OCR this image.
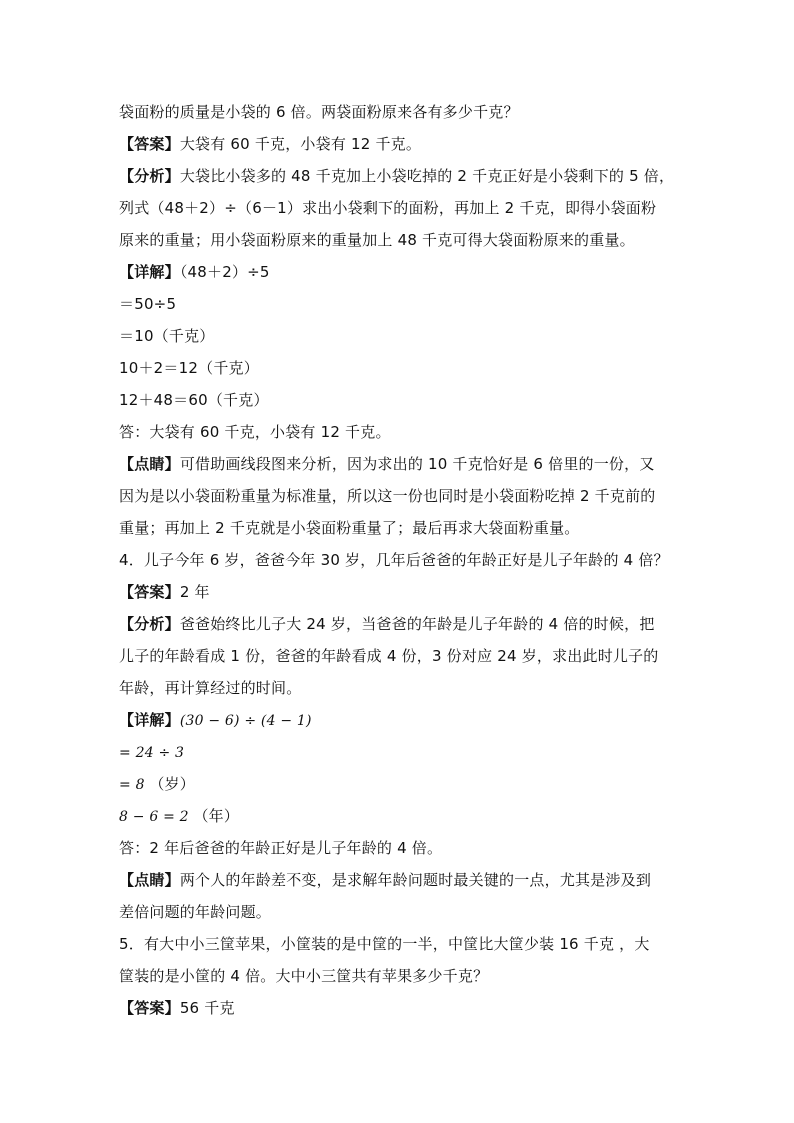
袋面粉的质量是小袋的 6 倍。两袋面粉原来各有多少千克？
【答案】大袋有 60 千克，小袋有 12 千克。
【分析】大袋比小袋多的 48 千克加上小袋吃掉的 2 千克正好是小袋剩下的 5 倍，
列式（48＋2）÷（6－1）求出小袋剩下的面粉，再加上 2 千克，即得小袋面粉
原来的重量；用小袋面粉原来的重量加上 48 千克可得大袋面粉原来的重量。
【详解】（48＋2）÷5
＝50÷5
＝10（千克）
10＋2＝12（千克）
12＋48＝60（千克）
答：大袋有 60 千克，小袋有 12 千克。
【点睛】可借助画线段图来分析，因为求出的 10 千克恰好是 6 倍里的一份，又
因为是以小袋面粉重量为标准量，所以这一份也同时是小袋面粉吃掉 2 千克前的
重量；再加上 2 千克就是小袋面粉重量了；最后再求大袋面粉重量。
4．儿子今年 6 岁，爸爸今年 30 岁，几年后爸爸的年龄正好是儿子年龄的 4 倍？
【答案】2 年
【分析】爸爸始终比儿子大 24 岁，当爸爸的年龄是儿子年龄的 4 倍的时候，把
儿子的年龄看成 1 份，爸爸的年龄看成 4 份，3 份对应 24 岁，求出此时儿子的
年龄，再计算经过的时间。
【详解】(30 − 6) ÷ (4 − 1)
= 24 ÷ 3
= 8 （岁）
8 − 6 = 2 （年）
答：2 年后爸爸的年龄正好是儿子年龄的 4 倍。
【点睛】两个人的年龄差不变，是求解年龄问题时最关键的一点，尤其是涉及到
差倍问题的年龄问题。
5．有大中小三筐苹果，小筐装的是中筐的一半，中筐比大筐少装 16 千克 ，大
筐装的是小筐的 4 倍。大中小三筐共有苹果多少千克？
【答案】56 千克
